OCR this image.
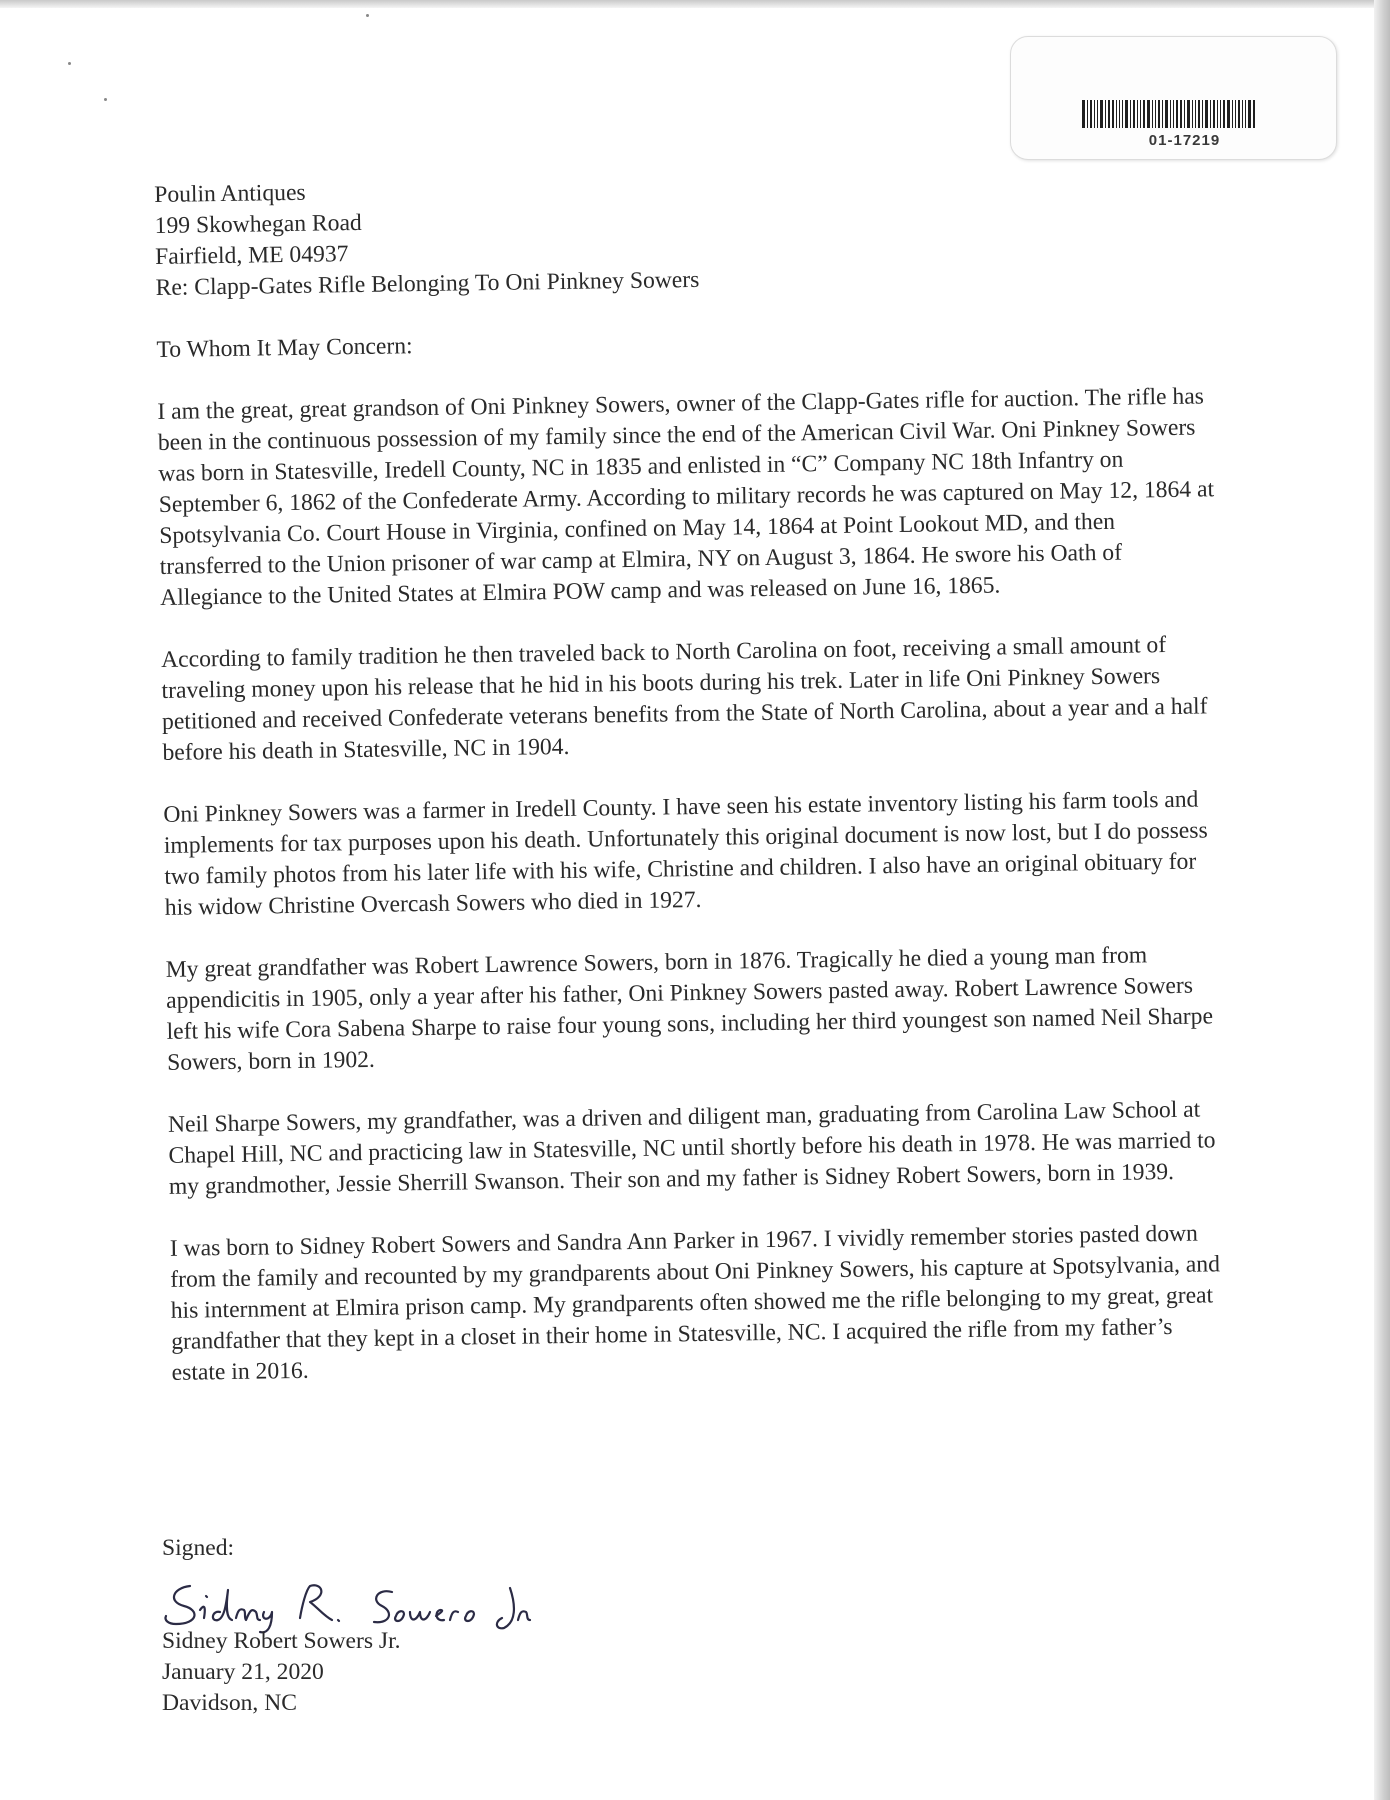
01-17219
Poulin Antiques
199 Skowhegan Road
Fairfield, ME 04937
Re: Clapp-Gates Rifle Belonging To Oni Pinkney Sowers
To Whom It May Concern:

I am the great, great grandson of Oni Pinkney Sowers, owner of the Clapp-Gates rifle for auction. The rifle has been in the continuous possession of my family since the end of the American Civil War. Oni Pinkney Sowers was born in Statesville, Iredell County, NC in 1835 and enlisted in “C” Company NC 18th Infantry on September 6, 1862 of the Confederate Army. According to military records he was captured on May 12, 1864 at Spotsylvania Co. Court House in Virginia, confined on May 14, 1864 at Point Lookout MD, and then transferred to the Union prisoner of war camp at Elmira, NY on August 3, 1864. He swore his Oath of Allegiance to the United States at Elmira POW camp and was released on June 16, 1865.

According to family tradition he then traveled back to North Carolina on foot, receiving a small amount of traveling money upon his release that he hid in his boots during his trek. Later in life Oni Pinkney Sowers petitioned and received Confederate veterans benefits from the State of North Carolina, about a year and a half before his death in Statesville, NC in 1904.

Oni Pinkney Sowers was a farmer in Iredell County. I have seen his estate inventory listing his farm tools and implements for tax purposes upon his death. Unfortunately this original document is now lost, but I do possess two family photos from his later life with his wife, Christine and children. I also have an original obituary for his widow Christine Overcash Sowers who died in 1927.

My great grandfather was Robert Lawrence Sowers, born in 1876. Tragically he died a young man from appendicitis in 1905, only a year after his father, Oni Pinkney Sowers pasted away. Robert Lawrence Sowers left his wife Cora Sabena Sharpe to raise four young sons, including her third youngest son named Neil Sharpe Sowers, born in 1902.

Neil Sharpe Sowers, my grandfather, was a driven and diligent man, graduating from Carolina Law School at Chapel Hill, NC and practicing law in Statesville, NC until shortly before his death in 1978. He was married to my grandmother, Jessie Sherrill Swanson. Their son and my father is Sidney Robert Sowers, born in 1939.

I was born to Sidney Robert Sowers and Sandra Ann Parker in 1967. I vividly remember stories pasted down from the family and recounted by my grandparents about Oni Pinkney Sowers, his capture at Spotsylvania, and his internment at Elmira prison camp. My grandparents often showed me the rifle belonging to my great, great grandfather that they kept in a closet in their home in Statesville, NC. I acquired the rifle from my father’s estate in 2016.

Signed:
Sidney Robert Sowers Jr.
January 21, 2020
Davidson, NC
